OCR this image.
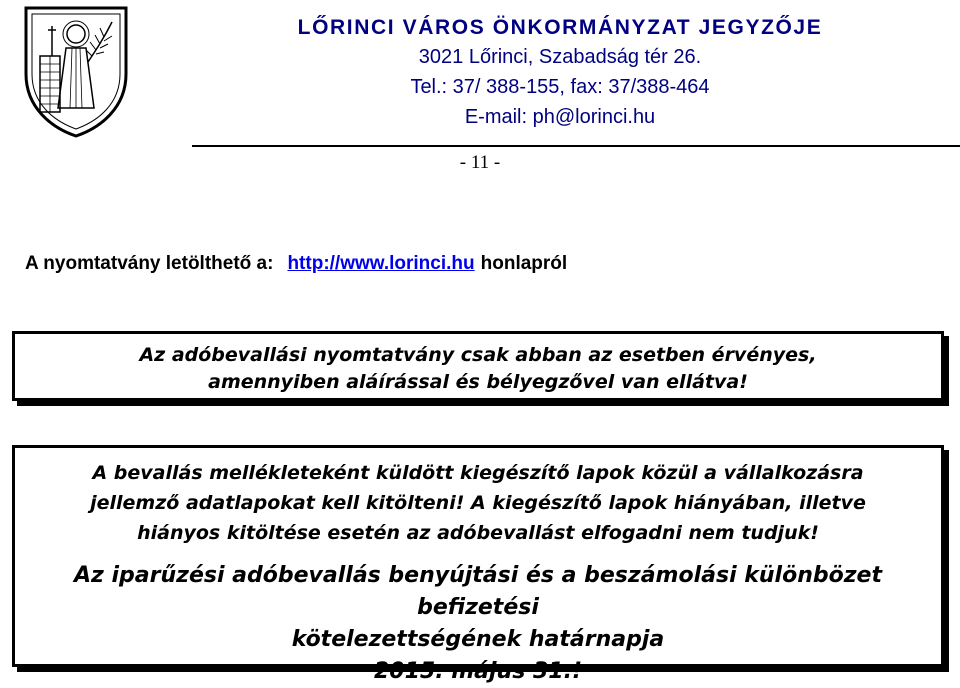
LŐRINCI VÁROS ÖNKORMÁNYZAT JEGYZŐJE
3021 Lőrinci, Szabadság tér 26.
Tel.: 37/ 388-155, fax: 37/388-464
E-mail: ph@lorinci.hu
- 11 -
A nyomtatvány letölthető a: http://www.lorinci.hu honlapról

Az adóbevallási nyomtatvány csak abban az esetben érvényes,

amennyiben aláírással és bélyegzővel van ellátva!

A bevallás mellékleteként küldött kiegészítő lapok közül a vállalkozásra

jellemző adatlapokat kell kitölteni! A kiegészítő lapok hiányában, illetve

hiányos kitöltése esetén az adóbevallást elfogadni nem tudjuk!

Az iparűzési adóbevallás benyújtási és a beszámolási különbözet befizetési

kötelezettségének határnapja

2015. május 31.!
